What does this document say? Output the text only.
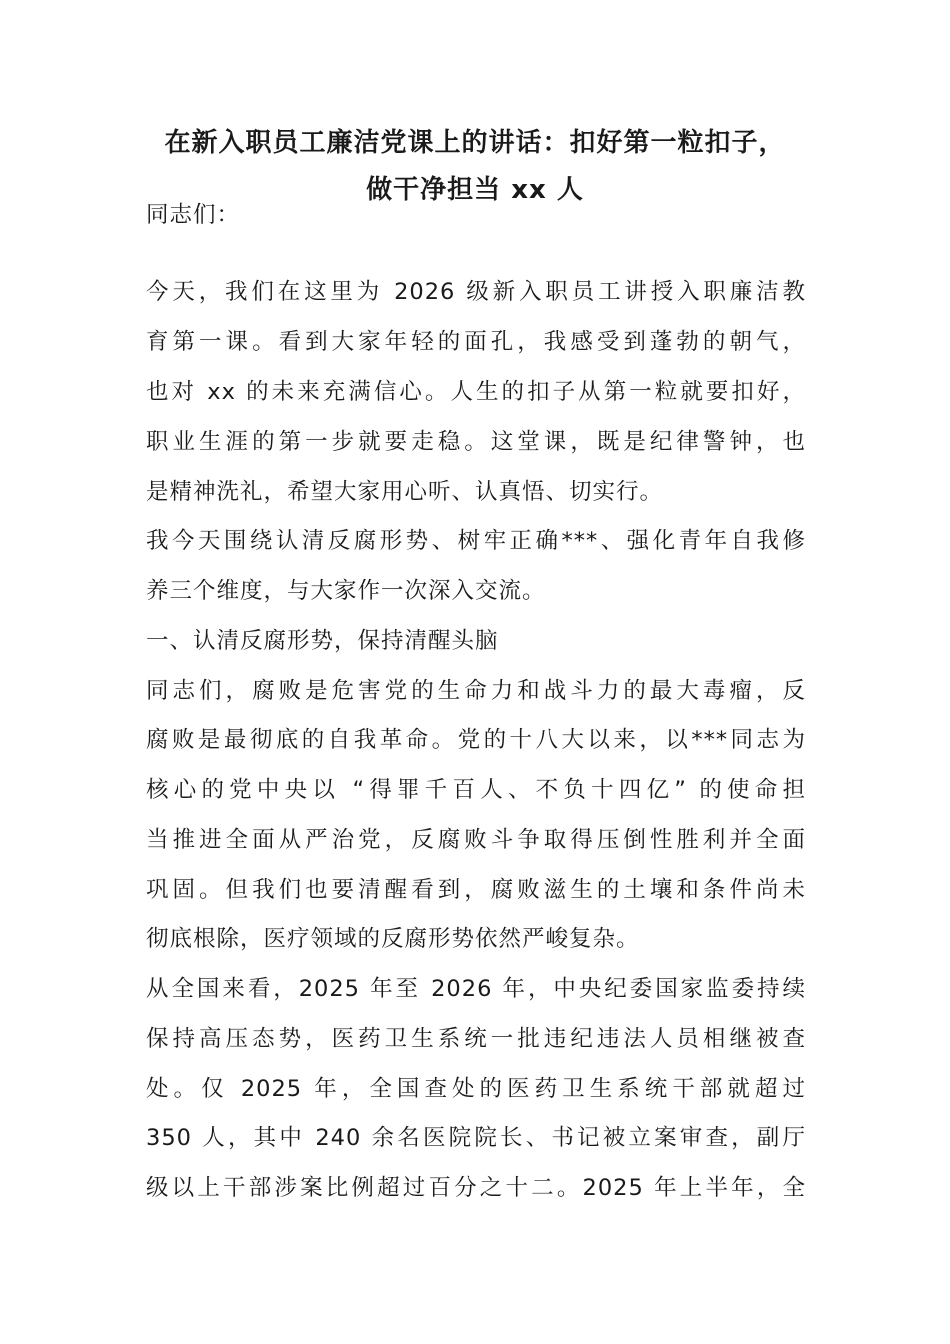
在新入职员工廉洁党课上的讲话：扣好第一粒扣子，
做干净担当 xx 人
同志们：
今天，我们在这里为 2026 级新入职员工讲授入职廉洁教
育第一课。看到大家年轻的面孔，我感受到蓬勃的朝气，
也对 xx 的未来充满信心。人生的扣子从第一粒就要扣好，
职业生涯的第一步就要走稳。这堂课，既是纪律警钟，也
是精神洗礼，希望大家用心听、认真悟、切实行。
我今天围绕认清反腐形势、树牢正确***、强化青年自我修
养三个维度，与大家作一次深入交流。
一、认清反腐形势，保持清醒头脑
同志们，腐败是危害党的生命力和战斗力的最大毒瘤，反
腐败是最彻底的自我革命。党的十八大以来，以***同志为
核心的党中央以 “得罪千百人、不负十四亿” 的使命担
当推进全面从严治党，反腐败斗争取得压倒性胜利并全面
巩固。但我们也要清醒看到，腐败滋生的土壤和条件尚未
彻底根除，医疗领域的反腐形势依然严峻复杂。
从全国来看，2025 年至 2026 年，中央纪委国家监委持续
保持高压态势，医药卫生系统一批违纪违法人员相继被查
处。仅 2025 年，全国查处的医药卫生系统干部就超过
350 人，其中 240 余名医院院长、书记被立案审查，副厅
级以上干部涉案比例超过百分之十二。2025 年上半年，全
